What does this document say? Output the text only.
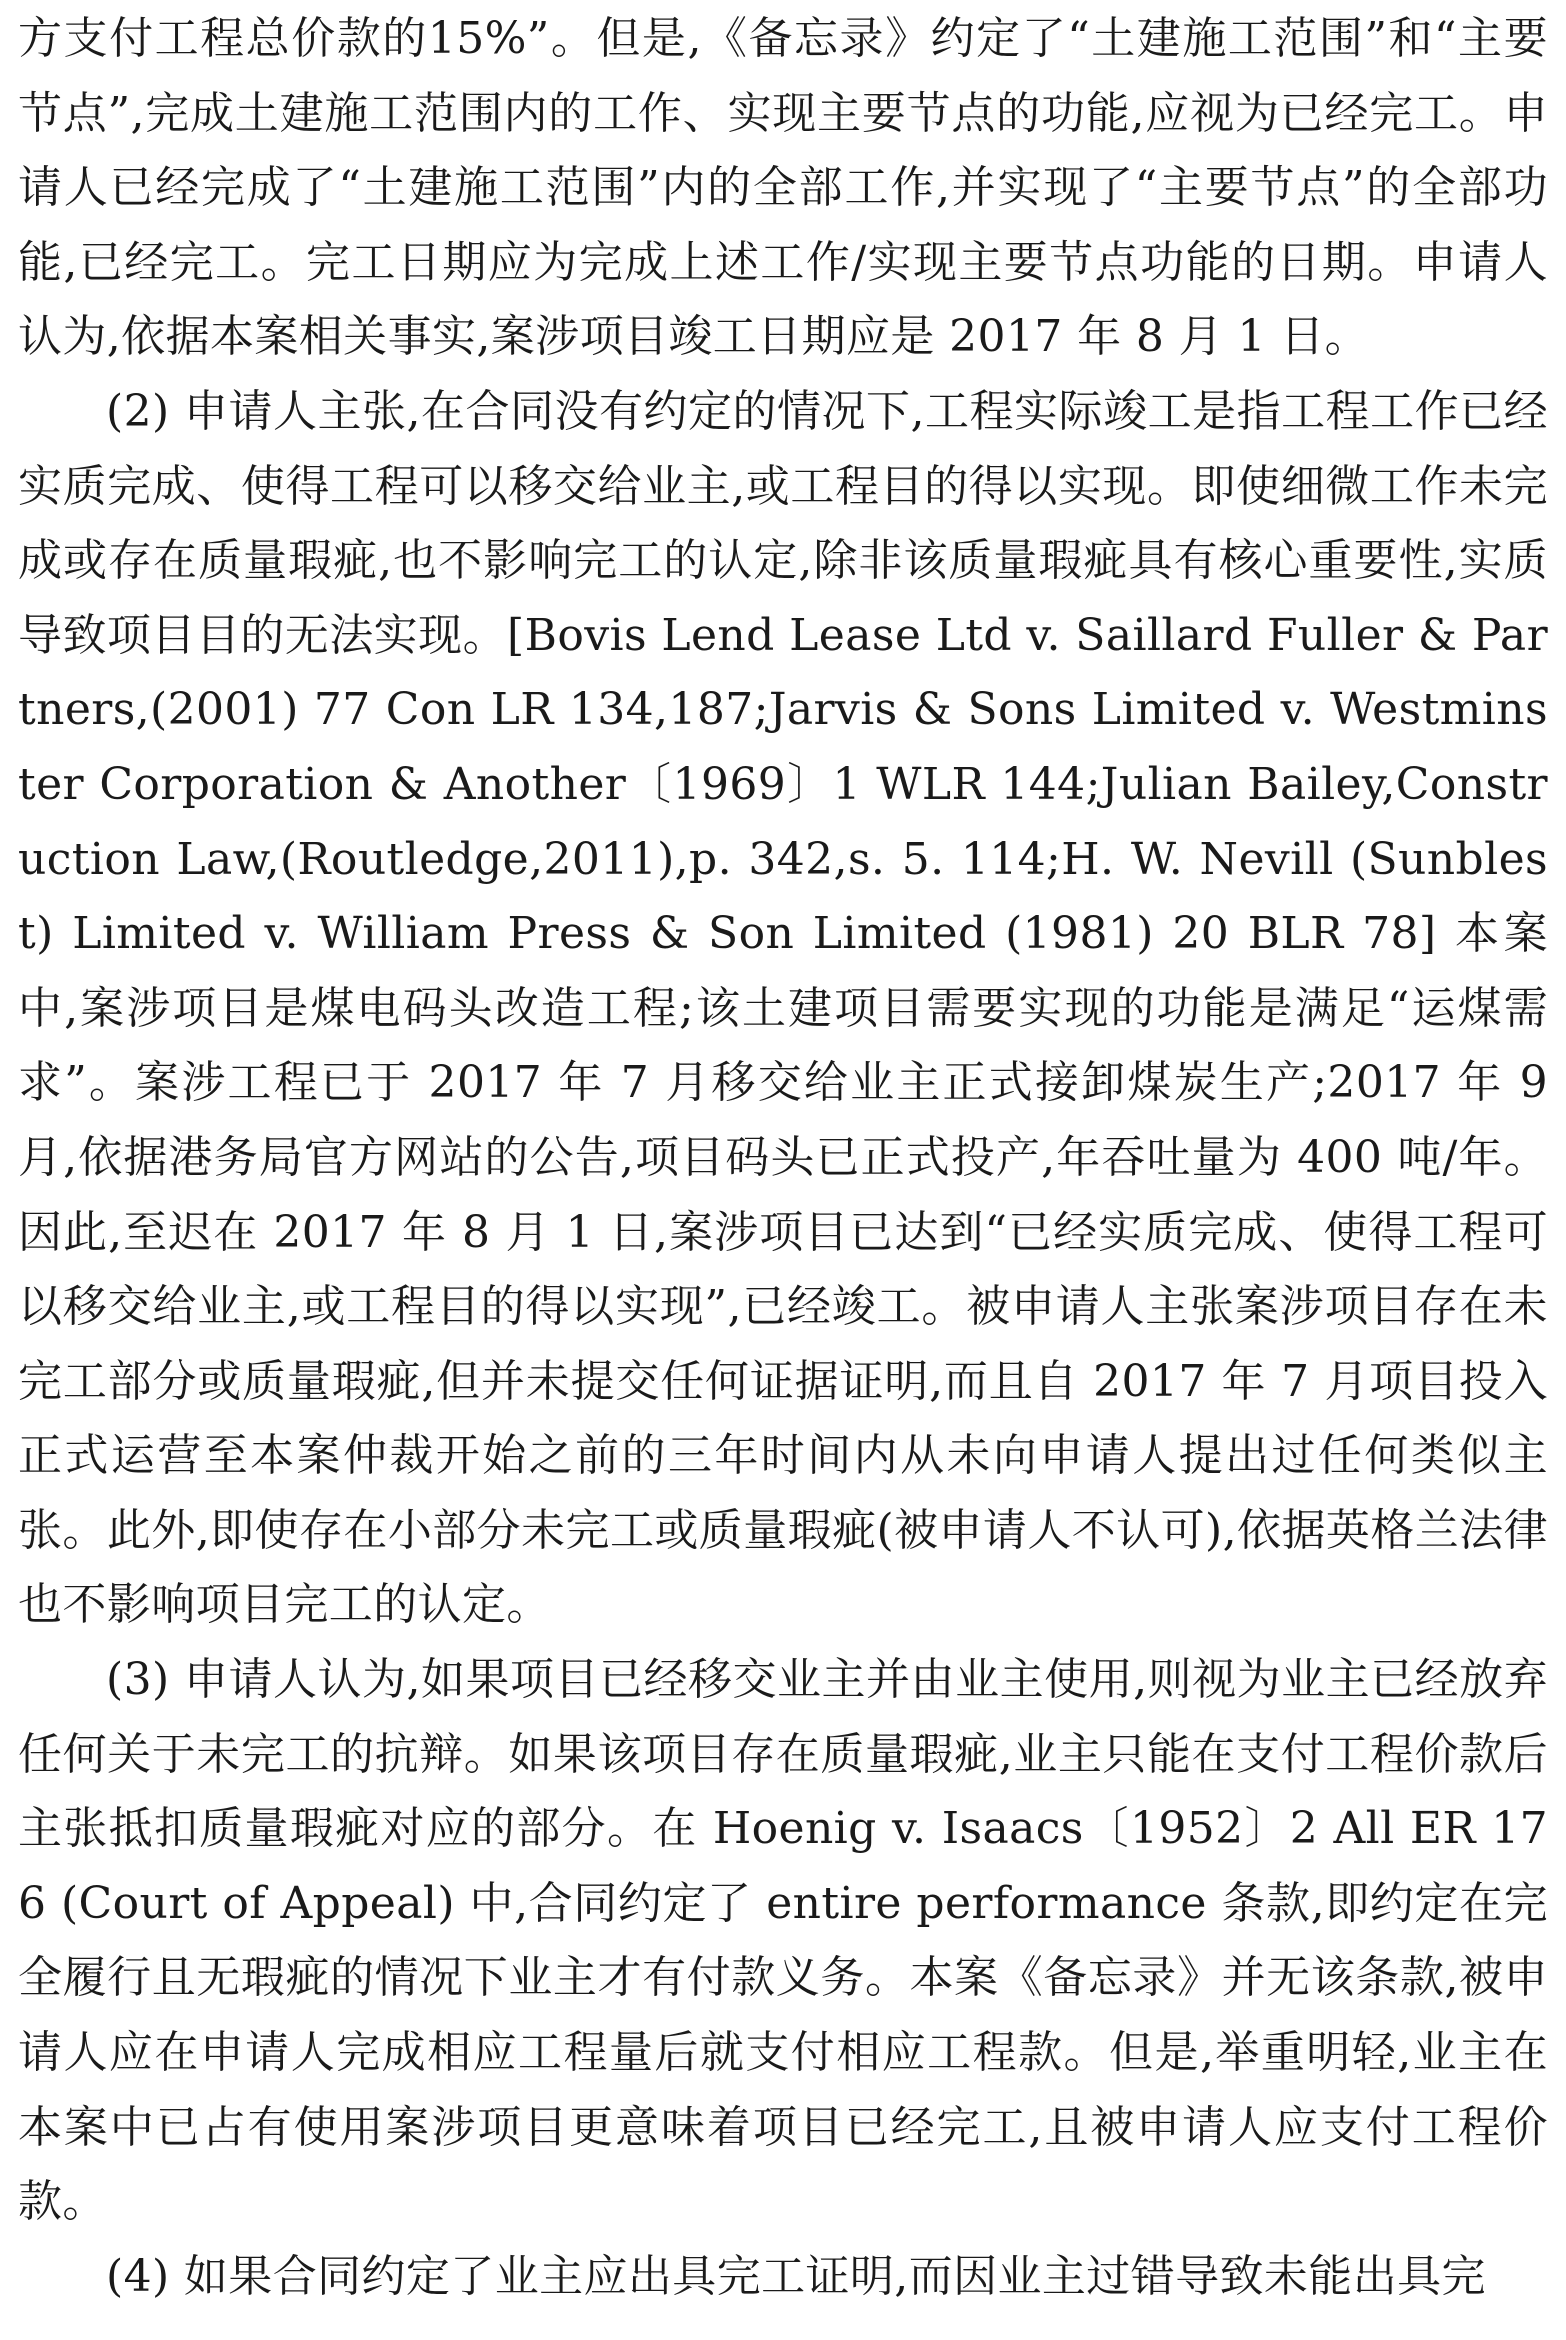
方支付工程总价款的15%”。但是,《备忘录》约定了“土建施工范围”和“主要节点”,完成土建施工范围内的工作、实现主要节点的功能,应视为已经完工。申请人已经完成了“土建施工范围”内的全部工作,并实现了“主要节点”的全部功能,已经完工。完工日期应为完成上述工作/实现主要节点功能的日期。申请人认为,依据本案相关事实,案涉项目竣工日期应是 2017 年 8 月 1 日。

(2) 申请人主张,在合同没有约定的情况下,工程实际竣工是指工程工作已经实质完成、使得工程可以移交给业主,或工程目的得以实现。即使细微工作未完成或存在质量瑕疵,也不影响完工的认定,除非该质量瑕疵具有核心重要性,实质导致项目目的无法实现。[Bovis Lend Lease Ltd v. Saillard Fuller & Partners,(2001) 77 Con LR 134,187;Jarvis & Sons Limited v. Westminster Corporation & Another〔1969〕1 WLR 144;Julian Bailey,Construction Law,(Routledge,2011),p. 342,s. 5. 114;H. W. Nevill (Sunblest) Limited v. William Press & Son Limited (1981) 20 BLR 78] 本案中,案涉项目是煤电码头改造工程;该土建项目需要实现的功能是满足“运煤需求”。案涉工程已于 2017 年 7 月移交给业主正式接卸煤炭生产;2017 年 9 月,依据港务局官方网站的公告,项目码头已正式投产,年吞吐量为 400 吨/年。因此,至迟在 2017 年 8 月 1 日,案涉项目已达到“已经实质完成、使得工程可以移交给业主,或工程目的得以实现”,已经竣工。被申请人主张案涉项目存在未完工部分或质量瑕疵,但并未提交任何证据证明,而且自 2017 年 7 月项目投入正式运营至本案仲裁开始之前的三年时间内从未向申请人提出过任何类似主张。此外,即使存在小部分未完工或质量瑕疵(被申请人不认可),依据英格兰法律也不影响项目完工的认定。

(3) 申请人认为,如果项目已经移交业主并由业主使用,则视为业主已经放弃任何关于未完工的抗辩。如果该项目存在质量瑕疵,业主只能在支付工程价款后主张抵扣质量瑕疵对应的部分。在 Hoenig v. Isaacs〔1952〕2 All ER 176 (Court of Appeal) 中,合同约定了 entire performance 条款,即约定在完全履行且无瑕疵的情况下业主才有付款义务。本案《备忘录》并无该条款,被申请人应在申请人完成相应工程量后就支付相应工程款。但是,举重明轻,业主在本案中已占有使用案涉项目更意味着项目已经完工,且被申请人应支付工程价款。

(4) 如果合同约定了业主应出具完工证明,而因业主过错导致未能出具完
